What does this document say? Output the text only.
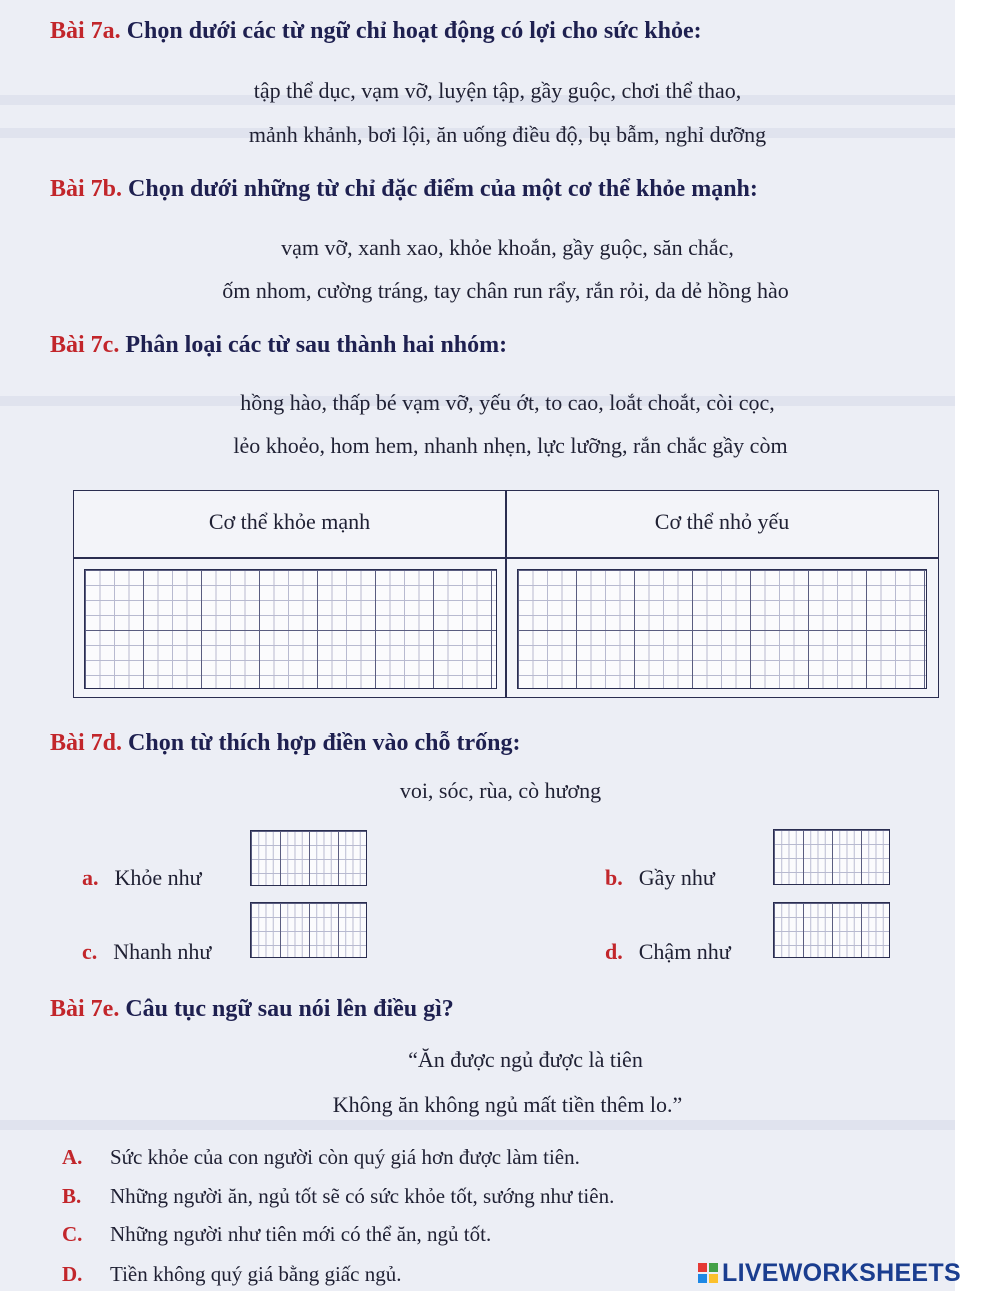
Bài 7a. Chọn dưới các từ ngữ chỉ hoạt động có lợi cho sức khỏe:
tập thể dục, vạm vỡ, luyện tập, gầy guộc, chơi thể thao,
mảnh khảnh, bơi lội, ăn uống điều độ, bụ bẫm, nghỉ dưỡng
Bài 7b. Chọn dưới những từ chỉ đặc điểm của một cơ thể khỏe mạnh:
vạm vỡ, xanh xao, khỏe khoắn, gầy guộc, săn chắc,
ốm nhom, cường tráng, tay chân run rẩy, rắn rỏi, da dẻ hồng hào
Bài 7c. Phân loại các từ sau thành hai nhóm:
hồng hào, thấp bé vạm vỡ, yếu ớt, to cao, loắt choắt, còi cọc,
lẻo khoẻo, hom hem, nhanh nhẹn, lực lưỡng, rắn chắc gầy còm
Cơ thể khỏe mạnh	Cơ thể nhỏ yếu
Bài 7d. Chọn từ thích hợp điền vào chỗ trống:
voi, sóc, rùa, cò hương
a. Khỏe như	b. Gầy như
c. Nhanh như	d. Chậm như
Bài 7e. Câu tục ngữ sau nói lên điều gì?
“Ăn được ngủ được là tiên
Không ăn không ngủ mất tiền thêm lo.”
A. Sức khỏe của con người còn quý giá hơn được làm tiên.
B. Những người ăn, ngủ tốt sẽ có sức khỏe tốt, sướng như tiên.
C. Những người như tiên mới có thể ăn, ngủ tốt.
D. Tiền không quý giá bằng giấc ngủ.	LIVEWORKSHEETS
